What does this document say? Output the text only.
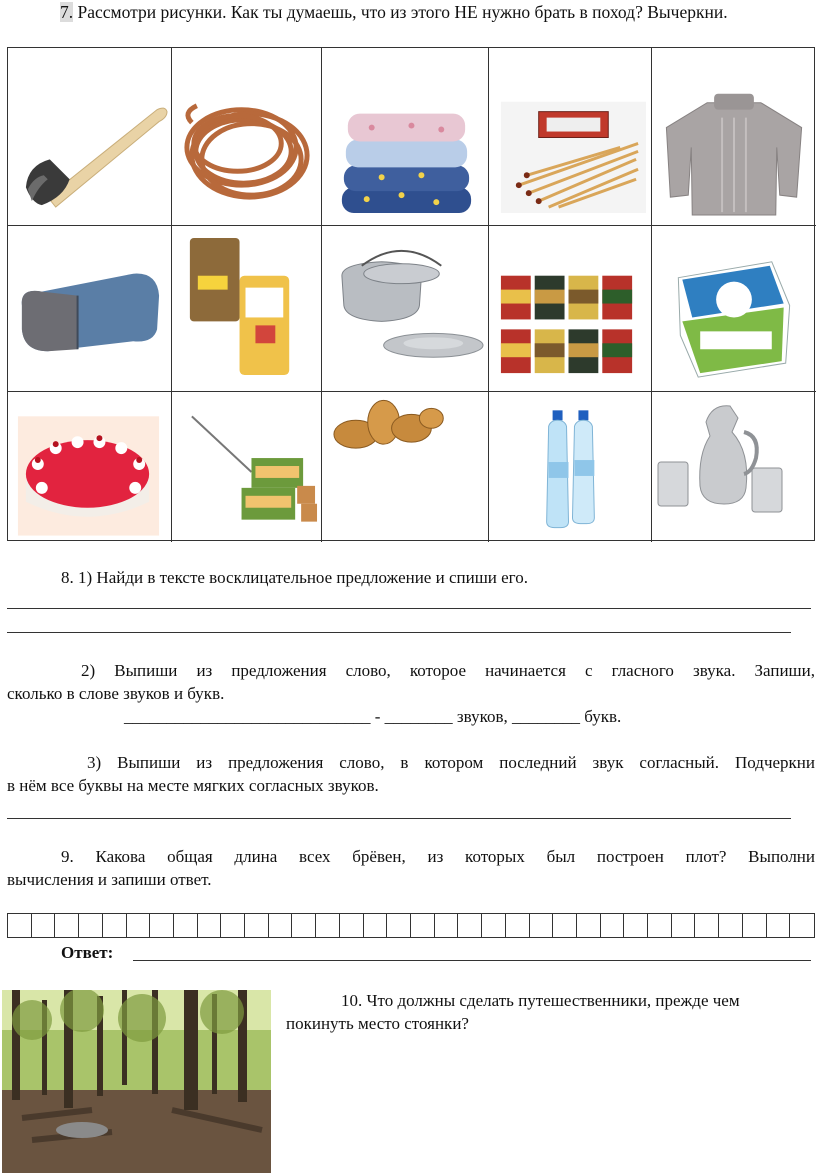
7. Рассмотри рисунки. Как ты думаешь, что из этого НЕ нужно брать в поход? Вычеркни.
8. 1) Найди в тексте восклицательное предложение и спиши его.
2) Выпиши из предложения слово, которое начинается с гласного звука. Запиши,
сколько в слове звуков и букв.
_____________________________ - ________ звуков, ________ букв.
3) Выпиши из предложения слово, в котором последний звук согласный. Подчеркни
в нём все буквы на месте мягких согласных звуков.
9. Какова общая длина всех брёвен, из которых был построен плот? Выполни
вычисления и запиши ответ.
Ответ:
10. Что должны сделать путешественники, прежде чем
покинуть место стоянки?
